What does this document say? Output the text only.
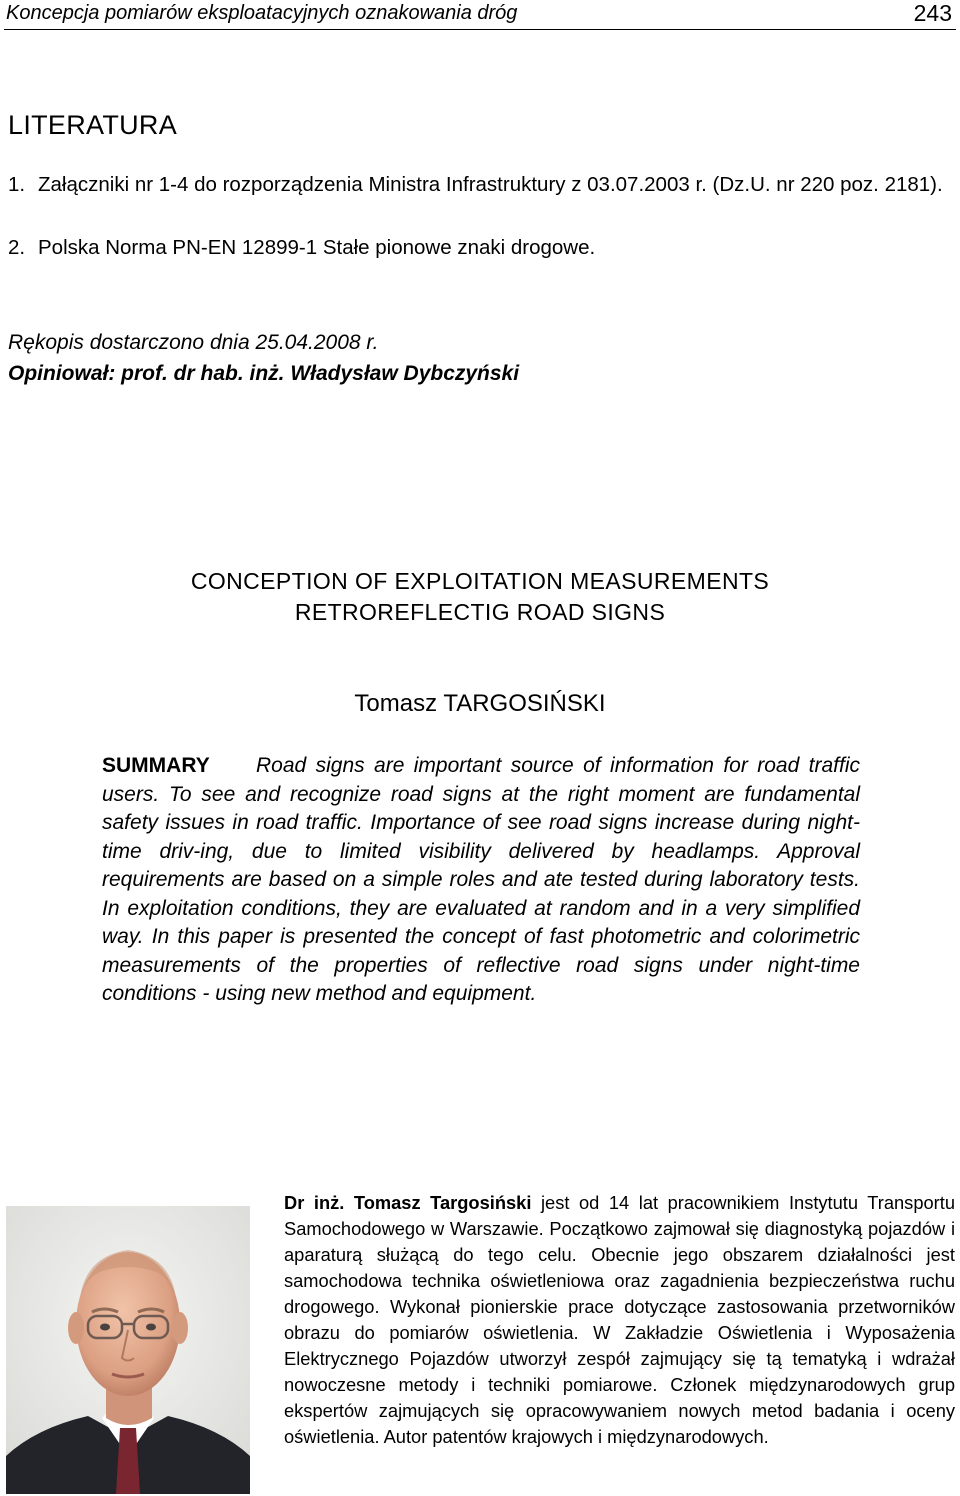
Koncepcja pomiarów eksploatacyjnych oznakowania dróg	243
LITERATURA
1. Załączniki nr 1-4 do rozporządzenia Ministra Infrastruktury z 03.07.2003 r. (Dz.U. nr 220 poz. 2181).
2. Polska Norma PN-EN 12899-1 Stałe pionowe znaki drogowe.
Rękopis dostarczono dnia 25.04.2008 r.
Opiniował: prof. dr hab. inż. Władysław Dybczyński
CONCEPTION OF EXPLOITATION MEASUREMENTS
RETROREFLECTIG ROAD SIGNS
Tomasz TARGOSIŃSKI
SUMMARY Road signs are important source of information for road traffic users. To see and recognize road signs at the right moment are fundamental safety issues in road traffic. Importance of see road signs increase during night-time driv-ing, due to limited visibility delivered by headlamps. Approval requirements are based on a simple roles and ate tested during laboratory tests. In exploitation conditions, they are evaluated at random and in a very simplified way. In this paper is presented the concept of fast photometric and colorimetric measurements of the properties of reflective road signs under night-time conditions - using new method and equipment.
Dr inż. Tomasz Targosiński jest od 14 lat pracownikiem Instytutu Transportu Samochodowego w Warszawie. Początkowo zajmował się diagnostyką pojazdów i aparaturą służącą do tego celu. Obecnie jego obszarem działalności jest samochodowa technika oświetleniowa oraz zagadnienia bezpieczeństwa ruchu drogowego. Wykonał pionierskie prace dotyczące zastosowania przetworników obrazu do pomiarów oświetlenia. W Zakładzie Oświetlenia i Wyposażenia Elektrycznego Pojazdów utworzył zespół zajmujący się tą tematyką i wdrażał nowoczesne metody i techniki pomiarowe. Członek międzynarodowych grup ekspertów zajmujących się opracowywaniem nowych metod badania i oceny oświetlenia. Autor patentów krajowych i międzynarodowych.
